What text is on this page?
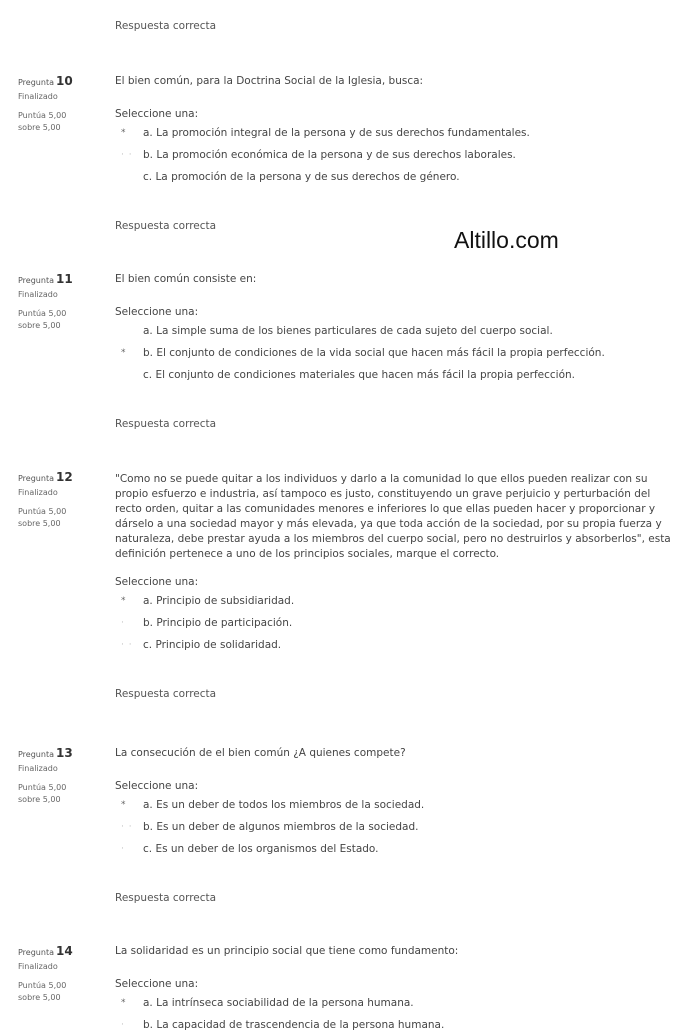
Respuesta correcta
Altillo.com
Pregunta 10
Finalizado
Puntúa 5,00
sobre 5,00

El bien común, para la Doctrina Social de la Iglesia, busca:

Seleccione una:
*	a. La promoción integral de la persona y de sus derechos fundamentales.
· · b. La promoción económica de la persona y de sus derechos laborales.
c. La promoción de la persona y de sus derechos de género.
Respuesta correcta
Pregunta 11
Finalizado
Puntúa 5,00
sobre 5,00

El bien común consiste en:

Seleccione una:
a. La simple suma de los bienes particulares de cada sujeto del cuerpo social.
*	b. El conjunto de condiciones de la vida social que hacen más fácil la propia perfección.
c. El conjunto de condiciones materiales que hacen más fácil la propia perfección.
Respuesta correcta
Pregunta 12
Finalizado
Puntúa 5,00
sobre 5,00

"Como no se puede quitar a los individuos y darlo a la comunidad lo que ellos pueden realizar con su propio esfuerzo e industria, así tampoco es justo, constituyendo un grave perjuicio y perturbación del recto orden, quitar a las comunidades menores e inferiores lo que ellas pueden hacer y proporcionar y dárselo a una sociedad mayor y más elevada, ya que toda acción de la sociedad, por su propia fuerza y naturaleza, debe prestar ayuda a los miembros del cuerpo social, pero no destruirlos y absorberlos", esta definición pertenece a uno de los principios sociales, marque el correcto.

Seleccione una:
*	a. Principio de subsidiaridad.
·	b. Principio de participación.
· · c. Principio de solidaridad.
Respuesta correcta
Pregunta 13
Finalizado
Puntúa 5,00
sobre 5,00

La consecución de el bien común ¿A quienes compete?

Seleccione una:
*	a. Es un deber de todos los miembros de la sociedad.
· · b. Es un deber de algunos miembros de la sociedad.
·	c. Es un deber de los organismos del Estado.
Respuesta correcta
Pregunta 14
Finalizado
Puntúa 5,00
sobre 5,00

La solidaridad es un principio social que tiene como fundamento:

Seleccione una:
*	a. La intrínseca sociabilidad de la persona humana.
·	b. La capacidad de trascendencia de la persona humana.
